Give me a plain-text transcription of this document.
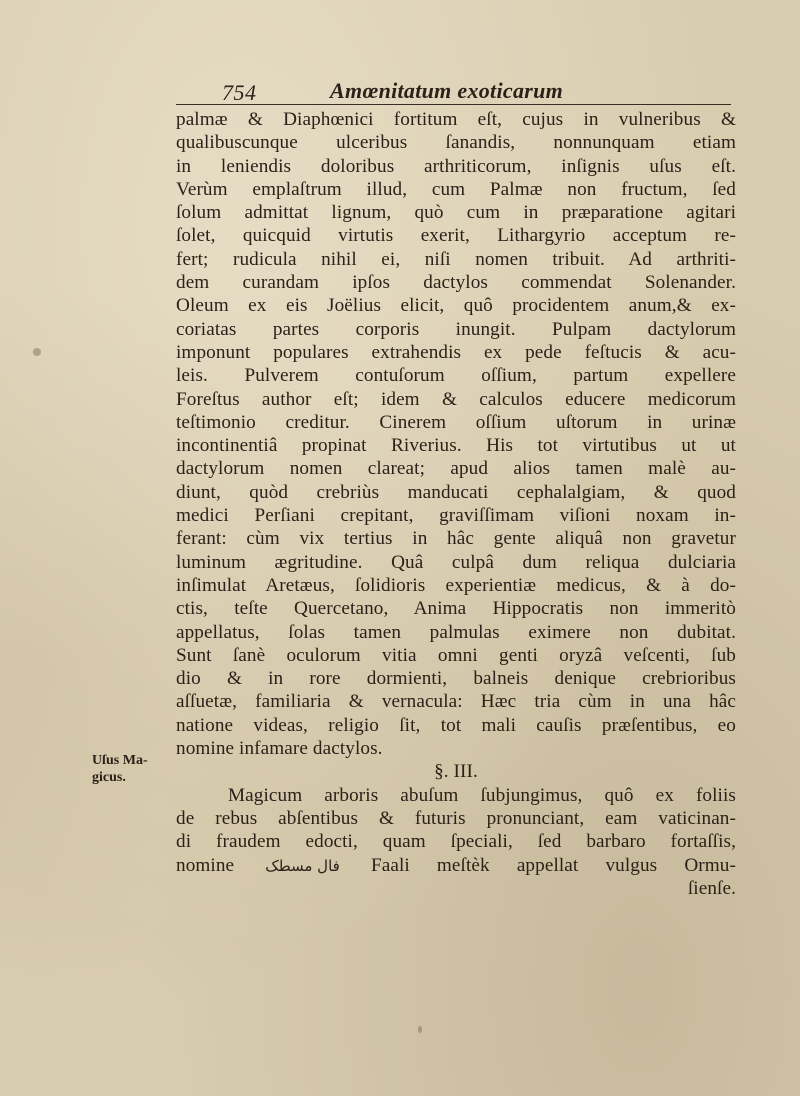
754	Amœnitatum exoticarum
Uſus Ma-gicus.
palmæ & Diaphœnici fortitum eſt, cujus in vulneribus &
qualibuscunque ulceribus ſanandis, nonnunquam etiam
in leniendis doloribus arthriticorum, inſignis uſus eſt.
Verùm emplaſtrum illud, cum Palmæ non fructum, ſed
ſolum admittat lignum, quò cum in præparatione agitari
ſolet, quicquid virtutis exerit, Lithargyrio acceptum re-
fert; rudicula nihil ei, niſi nomen tribuit. Ad arthriti-
dem curandam ipſos dactylos commendat Solenander.
Oleum ex eis Joëlius elicit, quô procidentem anum,& ex-
coriatas partes corporis inungit. Pulpam dactylorum
imponunt populares extrahendis ex pede feſtucis & acu-
leis. Pulverem contuſorum oſſium, partum expellere
Foreſtus author eſt; idem & calculos educere medicorum
teſtimonio creditur. Cinerem oſſium uſtorum in urinæ
incontinentiâ propinat Riverius. His tot virtutibus ut ut
dactylorum nomen clareat; apud alios tamen malè au-
diunt, quòd crebriùs manducati cephalalgiam, & quod
medici Perſiani crepitant, graviſſimam viſioni noxam in-
ferant: cùm vix tertius in hâc gente aliquâ non gravetur
luminum ægritudine. Quâ culpâ dum reliqua dulciaria
inſimulat Aretæus, ſolidioris experientiæ medicus, & à do-
ctis, teſte Quercetano, Anima Hippocratis non immeritò
appellatus, ſolas tamen palmulas eximere non dubitat.
Sunt ſanè oculorum vitia omni genti oryzâ veſcenti, ſub
dio & in rore dormienti, balneis denique crebrioribus
aſſuetæ, familiaria & vernacula: Hæc tria cùm in una hâc
natione videas, religio ſit, tot mali cauſis præſentibus, eo
nomine infamare dactylos.
§. III.
Magicum arboris abuſum ſubjungimus, quô ex foliis
de rebus abſentibus & futuris pronunciant, eam vaticinan-
di fraudem edocti, quam ſpeciali, ſed barbaro fortaſſis,
nomine فال مسطک Faali meſtèk appellat vulgus Ormu-
ſienſe.
